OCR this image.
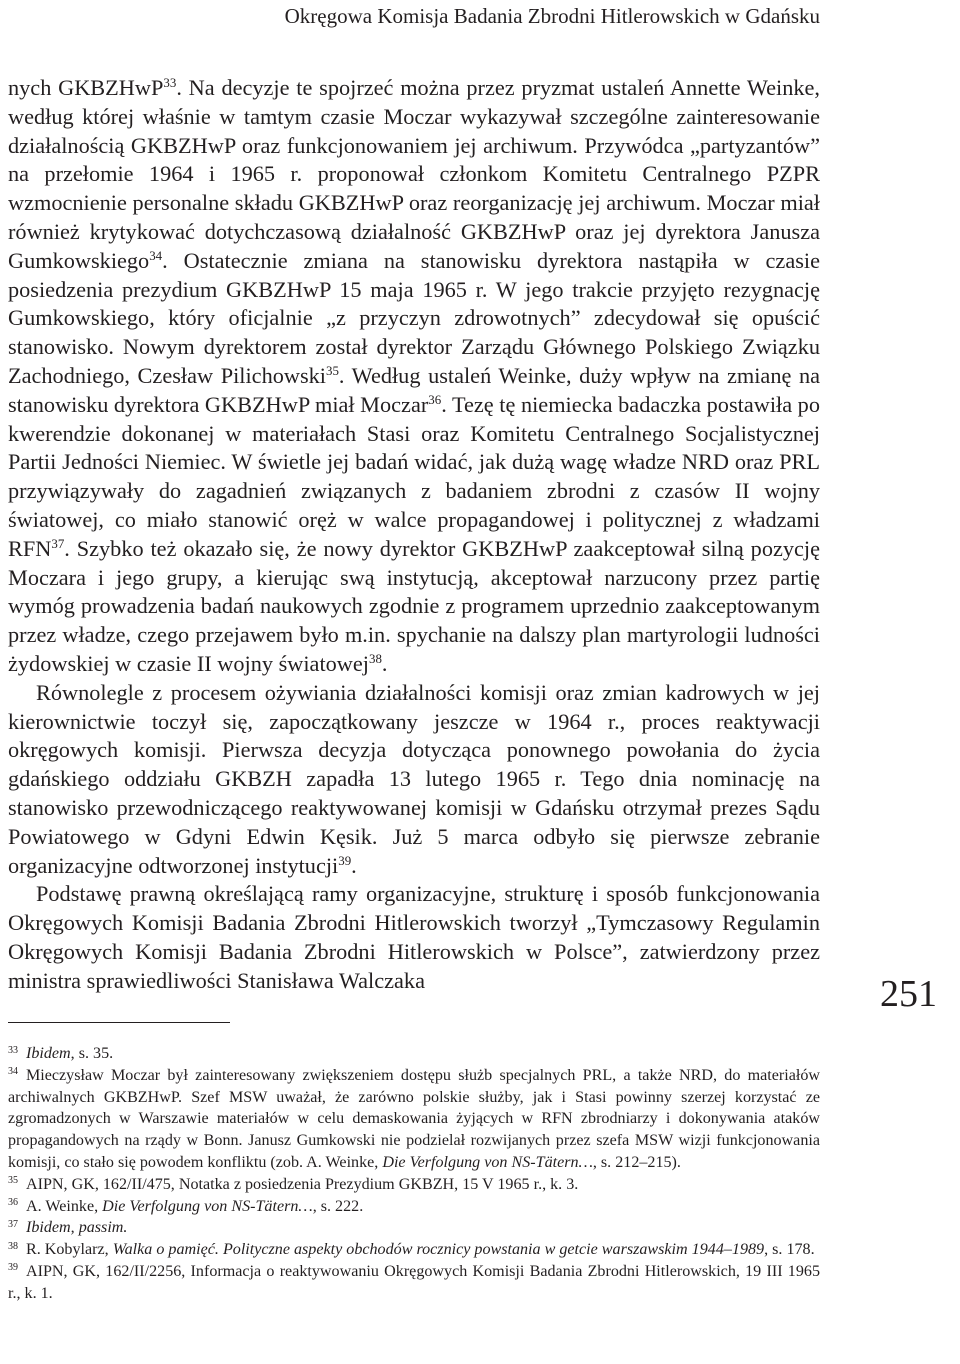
Okręgowa Komisja Badania Zbrodni Hitlerowskich w Gdańsku

nych GKBZHwP$^{33}$. Na decyzje te spojrzeć można przez pryzmat ustaleń Annette Weinke, według której właśnie w tamtym czasie Moczar wykazywał szczególne zainteresowanie działalnością GKBZHwP oraz funkcjonowaniem jej archiwum. Przywódca „partyzantów” na przełomie 1964 i 1965 r. proponował członkom Komitetu Centralnego PZPR wzmocnienie personalne składu GKBZHwP oraz reorganizację jej archiwum. Moczar miał również krytykować dotychczasową działalność GKBZHwP oraz jej dyrektora Janusza Gumkowskiego$^{34}$. Ostatecznie zmiana na stanowisku dyrektora nastąpiła w czasie posiedzenia prezydium GKBZHwP 15 maja 1965 r. W jego trakcie przyjęto rezygnację Gumkowskiego, który oficjalnie „z przyczyn zdrowotnych” zdecydował się opuścić stanowisko. Nowym dyrektorem został dyrektor Zarządu Głównego Polskiego Związku Zachodniego, Czesław Pilichowski$^{35}$. Według ustaleń Weinke, duży wpływ na zmianę na stanowisku dyrektora GKBZHwP miał Moczar$^{36}$. Tezę tę niemiecka badaczka postawiła po kwerendzie dokonanej w materiałach Stasi oraz Komitetu Centralnego Socjalistycznej Partii Jedności Niemiec. W świetle jej badań widać, jak dużą wagę władze NRD oraz PRL przywiązywały do zagadnień związanych z badaniem zbrodni z czasów II wojny światowej, co miało stanowić oręż w walce propagandowej i politycznej z władzami RFN$^{37}$. Szybko też okazało się, że nowy dyrektor GKBZHwP zaakceptował silną pozycję Moczara i jego grupy, a kierując swą instytucją, akceptował narzucony przez partię wymóg prowadzenia badań naukowych zgodnie z programem uprzednio zaakceptowanym przez władze, czego przejawem było m.in. spychanie na dalszy plan martyrologii ludności żydowskiej w czasie II wojny światowej$^{38}$.

Równolegle z procesem ożywiania działalności komisji oraz zmian kadrowych w jej kierownictwie toczył się, zapoczątkowany jeszcze w 1964 r., proces reaktywacji okręgowych komisji. Pierwsza decyzja dotycząca ponownego powołania do życia gdańskiego oddziału GKBZH zapadła 13 lutego 1965 r. Tego dnia nominację na stanowisko przewodniczącego reaktywowanej komisji w Gdańsku otrzymał prezes Sądu Powiatowego w Gdyni Edwin Kęsik. Już 5 marca odbyło się pierwsze zebranie organizacyjne odtworzonej instytucji$^{39}$.

Podstawę prawną określającą ramy organizacyjne, strukturę i sposób funkcjonowania Okręgowych Komisji Badania Zbrodni Hitlerowskich tworzył „Tymczasowy Regulamin Okręgowych Komisji Badania Zbrodni Hitlerowskich w Polsce”, zatwierdzony przez ministra sprawiedliwości Stanisława Walczaka	251

$^{33}$ Ibidem, s. 35.

$^{34}$ Mieczysław Moczar był zainteresowany zwiększeniem dostępu służb specjalnych PRL, a także NRD, do materiałów archiwalnych GKBZHwP. Szef MSW uważał, że zarówno polskie służby, jak i Stasi powinny szerzej korzystać ze zgromadzonych w Warszawie materiałów w celu demaskowania żyjących w RFN zbrodniarzy i dokonywania ataków propagandowych na rządy w Bonn. Janusz Gumkowski nie podzielał rozwijanych przez szefa MSW wizji funkcjonowania komisji, co stało się powodem konfliktu (zob. A. Weinke, Die Verfolgung von NS-Tätern…, s. 212–215).

$^{35}$ AIPN, GK, 162/II/475, Notatka z posiedzenia Prezydium GKBZH, 15 V 1965 r., k. 3.

$^{36}$ A. Weinke, Die Verfolgung von NS-Tätern…, s. 222.

$^{37}$ Ibidem, passim.

$^{38}$ R. Kobylarz, Walka o pamięć. Polityczne aspekty obchodów rocznicy powstania w getcie warszawskim 1944–1989, s. 178.

$^{39}$ AIPN, GK, 162/II/2256, Informacja o reaktywowaniu Okręgowych Komisji Badania Zbrodni Hitlerowskich, 19 III 1965 r., k. 1.
